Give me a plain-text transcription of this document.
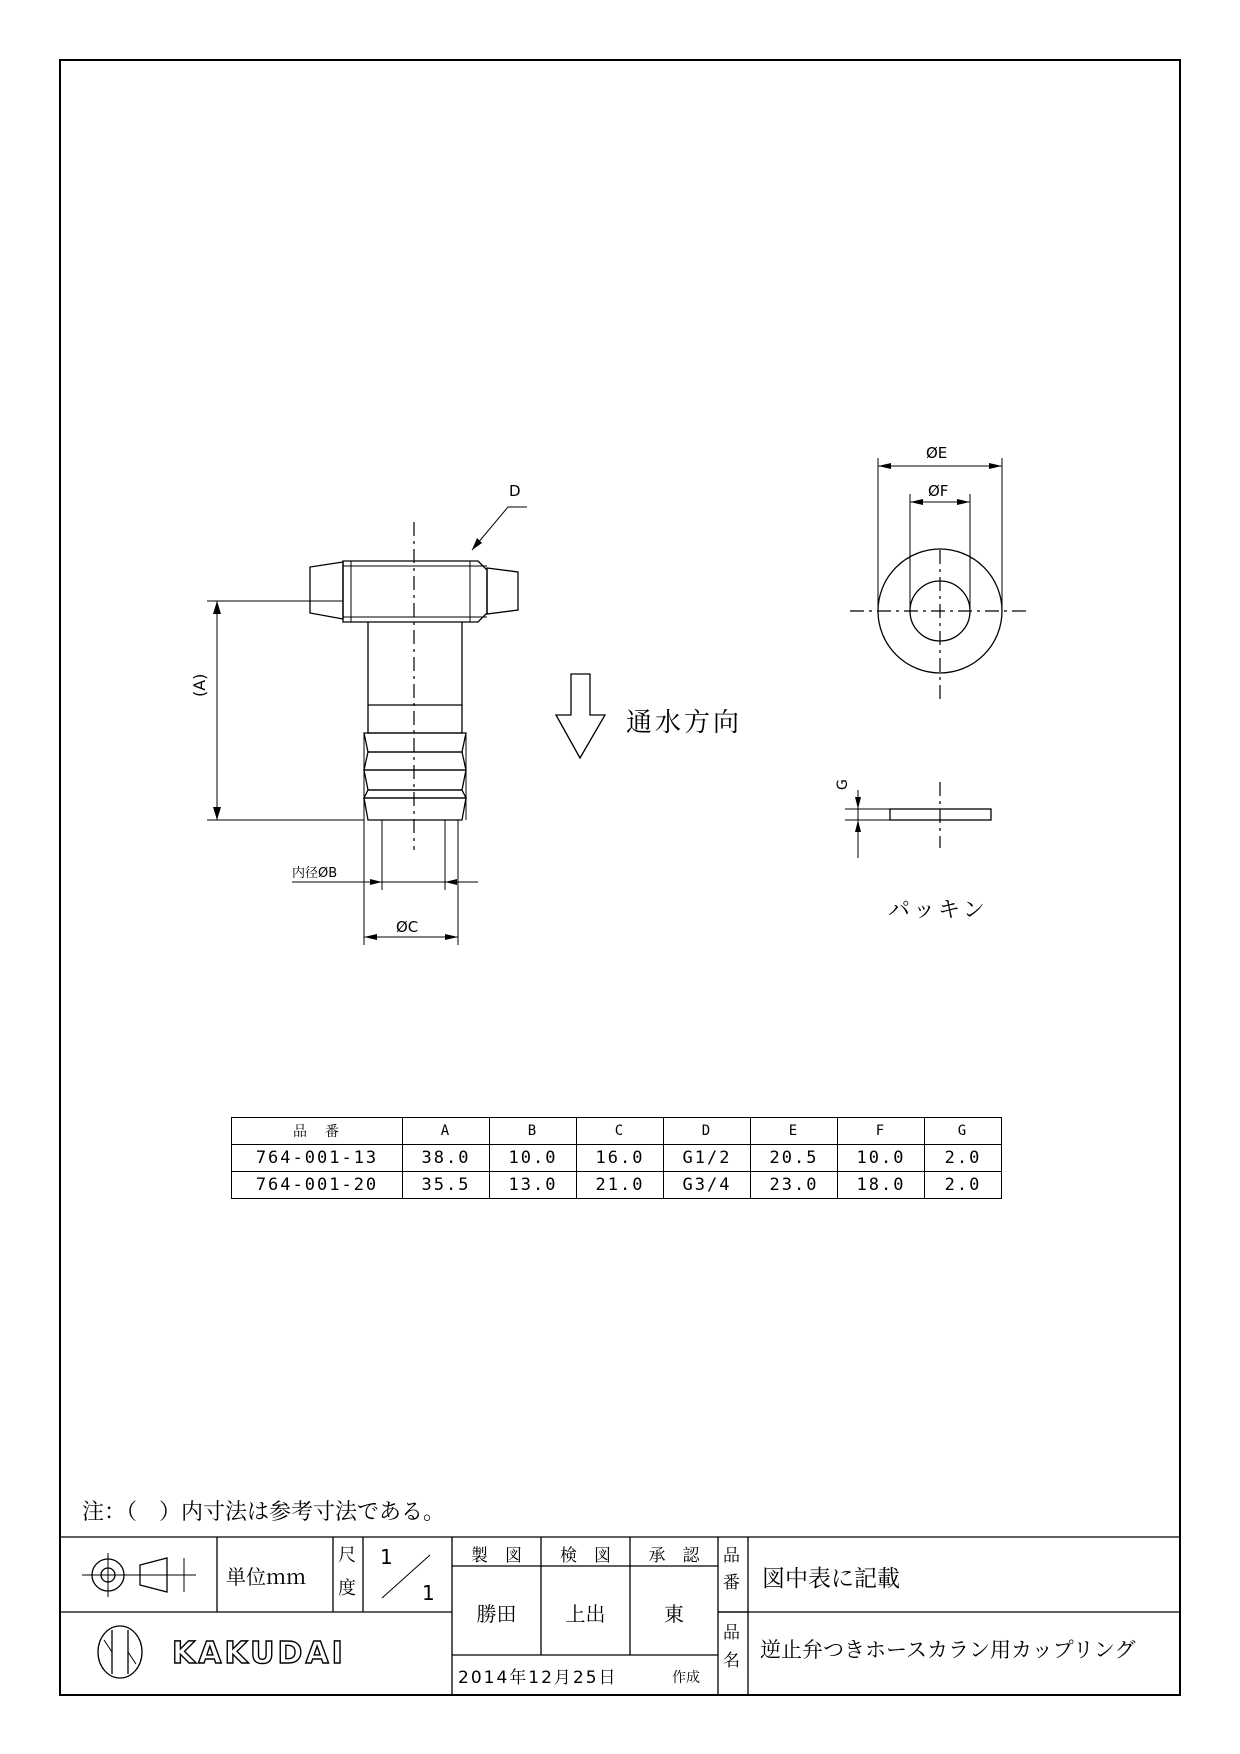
D
(A)
内径ØB
ØC
ØE
ØF
G
通水方向
パッキン
品　番	A	B	C	D	E	F	G
764-001-13	38.0	10.0	16.0	G1/2	20.5	10.0	2.0
764-001-20	35.5	13.0	21.0	G3/4	23.0	18.0	2.0
注：（　）内寸法は参考寸法である。
単位ｍｍ
尺
度
1
1
製　図	検　図	承　認
勝田	上出	東
2014年12月25日	作成
品
番 図中表に記載
品
名 逆止弁つきホースカラン用カップリング
KAKUDAI
